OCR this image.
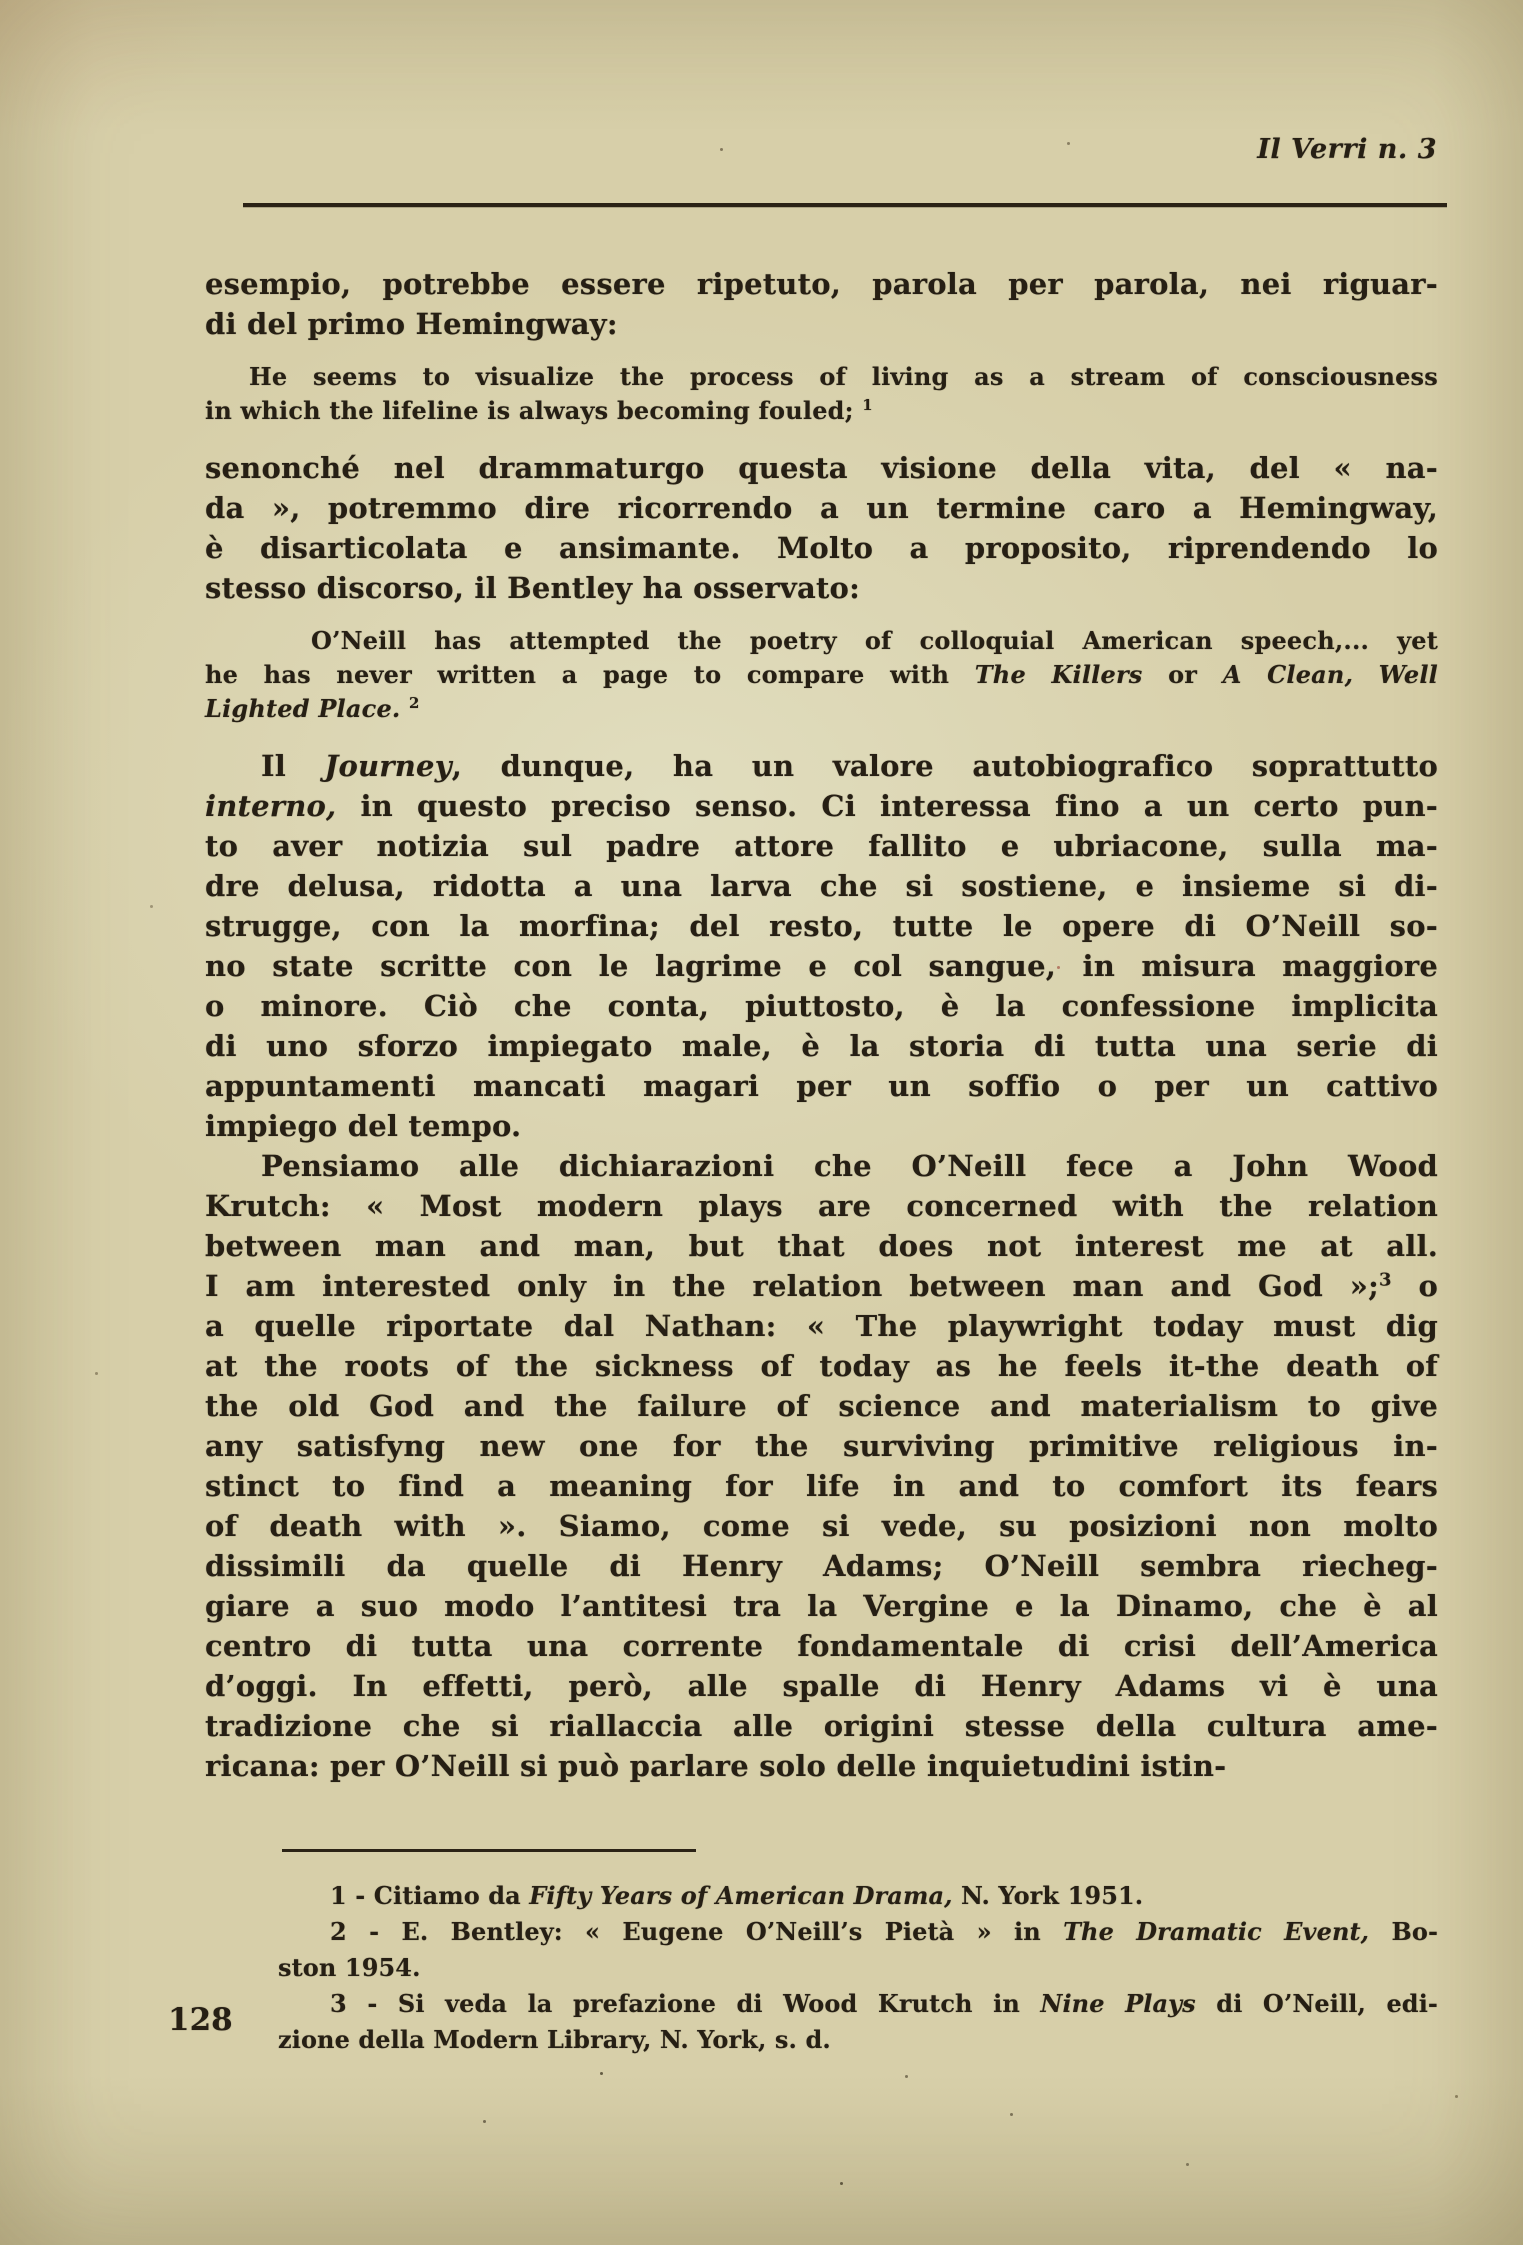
Il Verri n. 3
esempio, potrebbe essere ripetuto, parola per parola, nei riguar-
di del primo Hemingway:
He seems to visualize the process of living as a stream of consciousness
in which the lifeline is always becoming fouled; $^1$
senonché nel drammaturgo questa visione della vita, del « na-
da », potremmo dire ricorrendo a un termine caro a Hemingway,
è disarticolata e ansimante. Molto a proposito, riprendendo lo
stesso discorso, il Bentley ha osservato:
O’Neill has attempted the poetry of colloquial American speech,... yet
he has never written a page to compare with The Killers or A Clean, Well
Lighted Place. $^2$
Il Journey, dunque, ha un valore autobiografico soprattutto
interno, in questo preciso senso. Ci interessa fino a un certo pun-
to aver notizia sul padre attore fallito e ubriacone, sulla ma-
dre delusa, ridotta a una larva che si sostiene, e insieme si di-
strugge, con la morfina; del resto, tutte le opere di O’Neill so-
no state scritte con le lagrime e col sangue, in misura maggiore
o minore. Ciò che conta, piuttosto, è la confessione implicita
di uno sforzo impiegato male, è la storia di tutta una serie di
appuntamenti mancati magari per un soffio o per un cattivo
impiego del tempo.
Pensiamo alle dichiarazioni che O’Neill fece a John Wood
Krutch: « Most modern plays are concerned with the relation
between man and man, but that does not interest me at all.
I am interested only in the relation between man and God »;$^3$ o
a quelle riportate dal Nathan: « The playwright today must dig
at the roots of the sickness of today as he feels it-the death of
the old God and the failure of science and materialism to give
any satisfyng new one for the surviving primitive religious in-
stinct to find a meaning for life in and to comfort its fears
of death with ». Siamo, come si vede, su posizioni non molto
dissimili da quelle di Henry Adams; O’Neill sembra riecheg-
giare a suo modo l’antitesi tra la Vergine e la Dinamo, che è al
centro di tutta una corrente fondamentale di crisi dell’America
d’oggi. In effetti, però, alle spalle di Henry Adams vi è una
tradizione che si riallaccia alle origini stesse della cultura ame-
ricana: per O’Neill si può parlare solo delle inquietudini istin-
1 - Citiamo da Fifty Years of American Drama, N. York 1951.
2 - E. Bentley: « Eugene O’Neill’s Pietà » in The Dramatic Event, Bo-
ston 1954.
3 - Si veda la prefazione di Wood Krutch in Nine Plays di O’Neill, edi-
zione della Modern Library, N. York, s. d.
128
